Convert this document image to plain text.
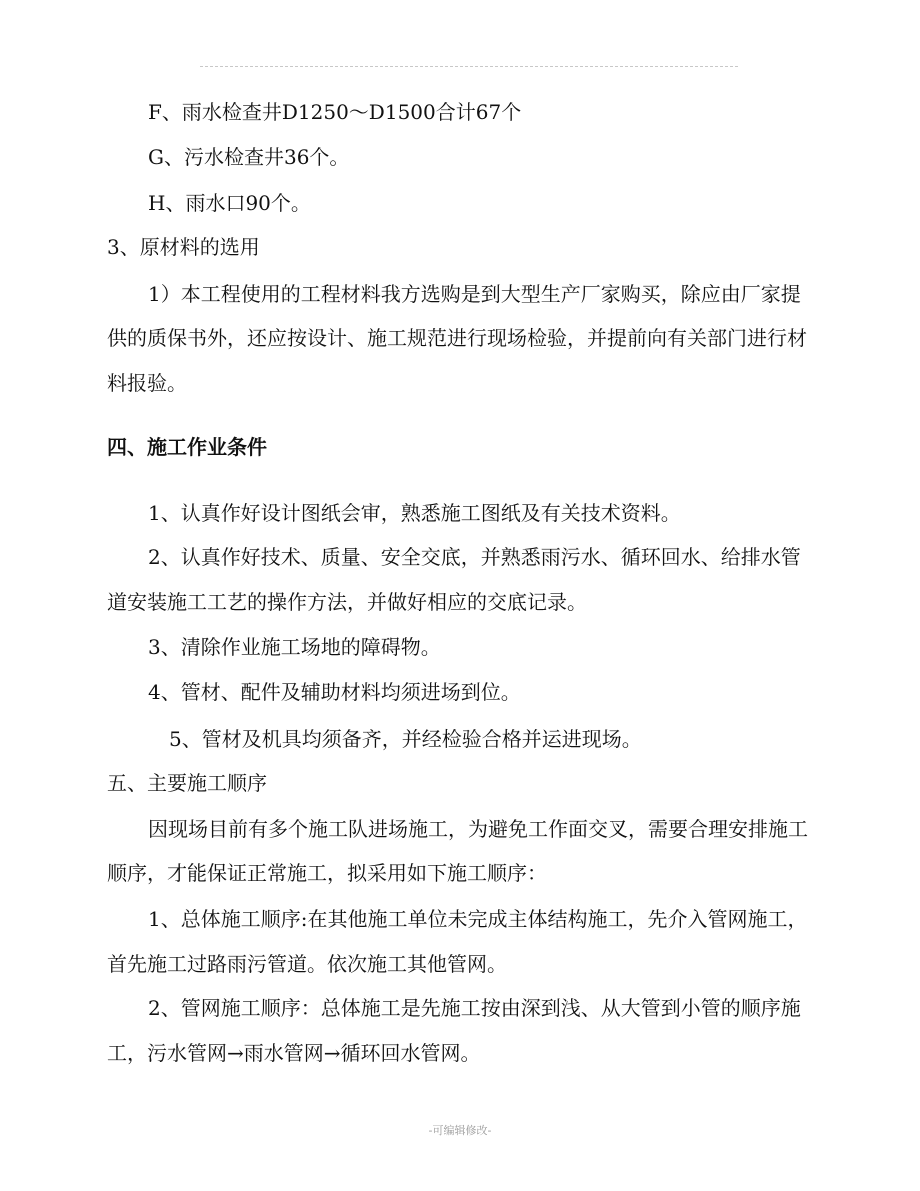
F、雨水检查井D1250～D1500合计67个
G、污水检查井36个。
H、雨水口90个。
3、原材料的选用
1）本工程使用的工程材料我方选购是到大型生产厂家购买，除应由厂家提
供的质保书外，还应按设计、施工规范进行现场检验，并提前向有关部门进行材
料报验。
四、施工作业条件
1、认真作好设计图纸会审，熟悉施工图纸及有关技术资料。
2、认真作好技术、质量、安全交底，并熟悉雨污水、循环回水、给排水管
道安装施工工艺的操作方法，并做好相应的交底记录。
3、清除作业施工场地的障碍物。
4、管材、配件及辅助材料均须进场到位。
5、管材及机具均须备齐，并经检验合格并运进现场。
五、主要施工顺序
因现场目前有多个施工队进场施工，为避免工作面交叉，需要合理安排施工
顺序，才能保证正常施工，拟采用如下施工顺序：
1、总体施工顺序:在其他施工单位未完成主体结构施工，先介入管网施工，
首先施工过路雨污管道。依次施工其他管网。
2、管网施工顺序：总体施工是先施工按由深到浅、从大管到小管的顺序施
工，污水管网→雨水管网→循环回水管网。
-可编辑修改-
